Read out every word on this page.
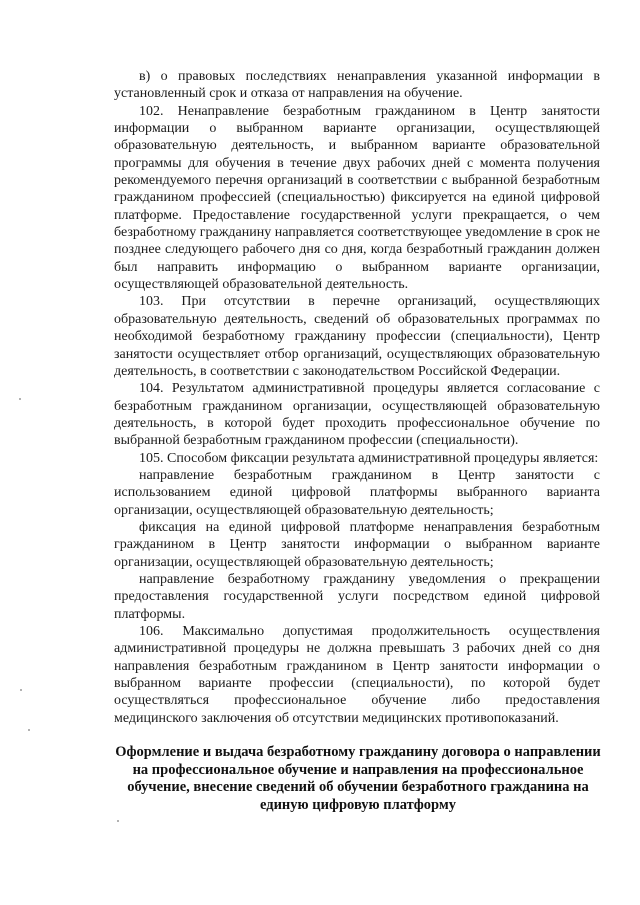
в) о правовых последствиях ненаправления указанной информации в установленный срок и отказа от направления на обучение.

102. Ненаправление безработным гражданином в Центр занятости информации о выбранном варианте организации, осуществляющей образовательную деятельность, и выбранном варианте образовательной программы для обучения в течение двух рабочих дней с момента получения рекомендуемого перечня организаций в соответствии с выбранной безработным гражданином профессией (специальностью) фиксируется на единой цифровой платформе. Предоставление государственной услуги прекращается, о чем безработному гражданину направляется соответствующее уведомление в срок не позднее следующего рабочего дня со дня, когда безработный гражданин должен был направить информацию о выбранном варианте организации, осуществляющей образовательной деятельность.

103. При отсутствии в перечне организаций, осуществляющих образовательную деятельность, сведений об образовательных программах по необходимой безработному гражданину профессии (специальности), Центр занятости осуществляет отбор организаций, осуществляющих образовательную деятельность, в соответствии с законодательством Российской Федерации.

104. Результатом административной процедуры является согласование с безработным гражданином организации, осуществляющей образовательную деятельность, в которой будет проходить профессиональное обучение по выбранной безработным гражданином профессии (специальности).

105. Способом фиксации результата административной процедуры является:

направление безработным гражданином в Центр занятости с использованием единой цифровой платформы выбранного варианта организации, осуществляющей образовательную деятельность;

фиксация на единой цифровой платформе ненаправления безработным гражданином в Центр занятости информации о выбранном варианте организации, осуществляющей образовательную деятельность;

направление безработному гражданину уведомления о прекращении предоставления государственной услуги посредством единой цифровой платформы.

106. Максимально допустимая продолжительность осуществления административной процедуры не должна превышать 3 рабочих дней со дня направления безработным гражданином в Центр занятости информации о выбранном варианте профессии (специальности), по которой будет осуществляться профессиональное обучение либо предоставления медицинского заключения об отсутствии медицинских противопоказаний.

Оформление и выдача безработному гражданину договора о направлении на профессиональное обучение и направления на профессиональное обучение, внесение сведений об обучении безработного гражданина на единую цифровую платформу
